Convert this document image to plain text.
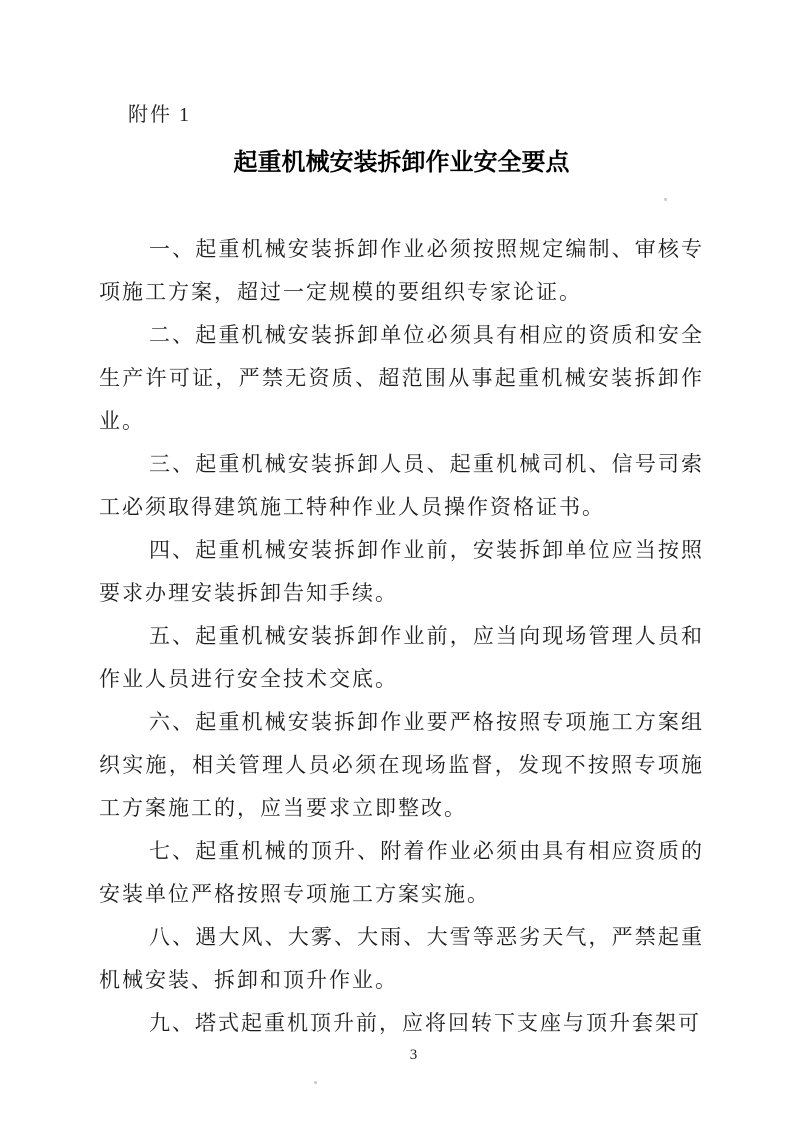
附件 1
起重机械安装拆卸作业安全要点

一、起重机械安装拆卸作业必须按照规定编制、审核专项施工方案，超过一定规模的要组织专家论证。

二、起重机械安装拆卸单位必须具有相应的资质和安全生产许可证，严禁无资质、超范围从事起重机械安装拆卸作业。

三、起重机械安装拆卸人员、起重机械司机、信号司索工必须取得建筑施工特种作业人员操作资格证书。

四、起重机械安装拆卸作业前，安装拆卸单位应当按照要求办理安装拆卸告知手续。

五、起重机械安装拆卸作业前，应当向现场管理人员和作业人员进行安全技术交底。

六、起重机械安装拆卸作业要严格按照专项施工方案组织实施，相关管理人员必须在现场监督，发现不按照专项施工方案施工的，应当要求立即整改。

七、起重机械的顶升、附着作业必须由具有相应资质的安装单位严格按照专项施工方案实施。

八、遇大风、大雾、大雨、大雪等恶劣天气，严禁起重机械安装、拆卸和顶升作业。

九、塔式起重机顶升前，应将回转下支座与顶升套架可

3
